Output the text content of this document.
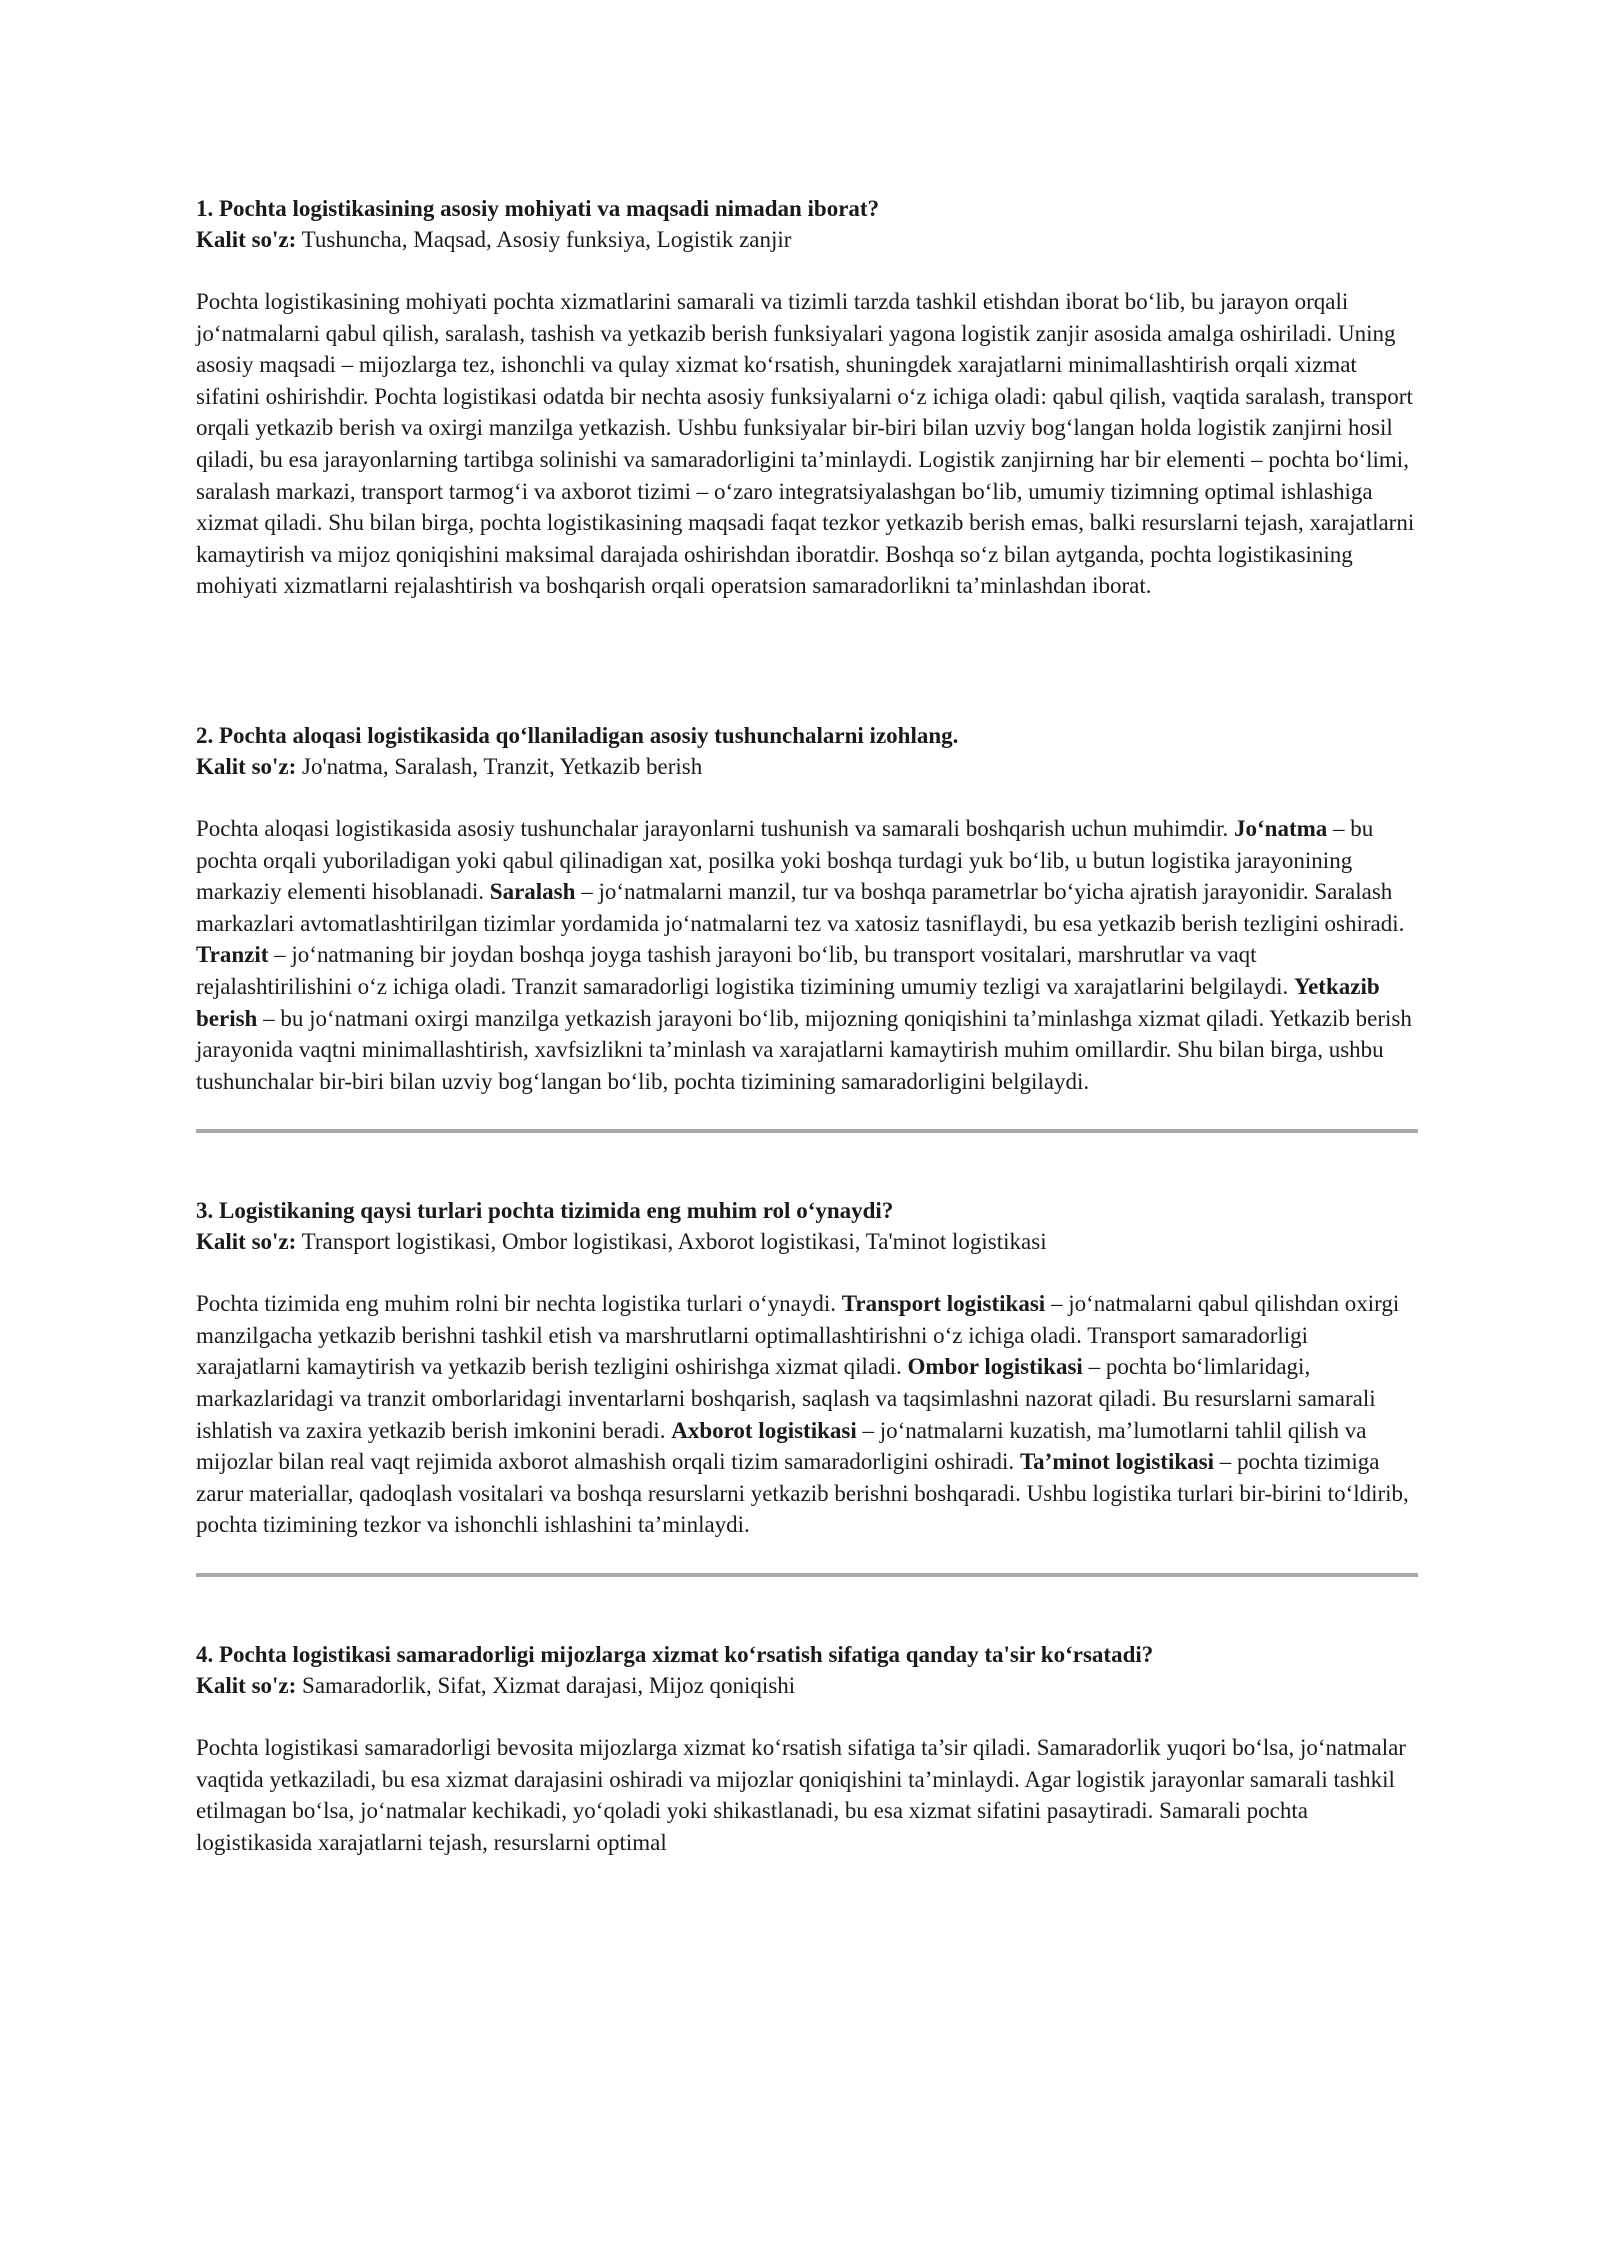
1. Pochta logistikasining asosiy mohiyati va maqsadi nimadan iborat?

Kalit so'z: Tushuncha, Maqsad, Asosiy funksiya, Logistik zanjir

Pochta logistikasining mohiyati pochta xizmatlarini samarali va tizimli tarzda tashkil etishdan iborat bo‘lib, bu jarayon orqali jo‘natmalarni qabul qilish, saralash, tashish va yetkazib berish funksiyalari yagona logistik zanjir asosida amalga oshiriladi. Uning asosiy maqsadi – mijozlarga tez, ishonchli va qulay xizmat ko‘rsatish, shuningdek xarajatlarni minimallashtirish orqali xizmat sifatini oshirishdir. Pochta logistikasi odatda bir nechta asosiy funksiyalarni o‘z ichiga oladi: qabul qilish, vaqtida saralash, transport orqali yetkazib berish va oxirgi manzilga yetkazish. Ushbu funksiyalar bir-biri bilan uzviy bog‘langan holda logistik zanjirni hosil qiladi, bu esa jarayonlarning tartibga solinishi va samaradorligini ta’minlaydi. Logistik zanjirning har bir elementi – pochta bo‘limi, saralash markazi, transport tarmog‘i va axborot tizimi – o‘zaro integratsiyalashgan bo‘lib, umumiy tizimning optimal ishlashiga xizmat qiladi. Shu bilan birga, pochta logistikasining maqsadi faqat tezkor yetkazib berish emas, balki resurslarni tejash, xarajatlarni kamaytirish va mijoz qoniqishini maksimal darajada oshirishdan iboratdir. Boshqa so‘z bilan aytganda, pochta logistikasining mohiyati xizmatlarni rejalashtirish va boshqarish orqali operatsion samaradorlikni ta’minlashdan iborat.

2. Pochta aloqasi logistikasida qo‘llaniladigan asosiy tushunchalarni izohlang.

Kalit so'z: Jo'natma, Saralash, Tranzit, Yetkazib berish

Pochta aloqasi logistikasida asosiy tushunchalar jarayonlarni tushunish va samarali boshqarish uchun muhimdir. Jo‘natma – bu pochta orqali yuboriladigan yoki qabul qilinadigan xat, posilka yoki boshqa turdagi yuk bo‘lib, u butun logistika jarayonining markaziy elementi hisoblanadi. Saralash – jo‘natmalarni manzil, tur va boshqa parametrlar bo‘yicha ajratish jarayonidir. Saralash markazlari avtomatlashtirilgan tizimlar yordamida jo‘natmalarni tez va xatosiz tasniflaydi, bu esa yetkazib berish tezligini oshiradi. Tranzit – jo‘natmaning bir joydan boshqa joyga tashish jarayoni bo‘lib, bu transport vositalari, marshrutlar va vaqt rejalashtirilishini o‘z ichiga oladi. Tranzit samaradorligi logistika tizimining umumiy tezligi va xarajatlarini belgilaydi. Yetkazib berish – bu jo‘natmani oxirgi manzilga yetkazish jarayoni bo‘lib, mijozning qoniqishini ta’minlashga xizmat qiladi. Yetkazib berish jarayonida vaqtni minimallashtirish, xavfsizlikni ta’minlash va xarajatlarni kamaytirish muhim omillardir. Shu bilan birga, ushbu tushunchalar bir-biri bilan uzviy bog‘langan bo‘lib, pochta tizimining samaradorligini belgilaydi.

3. Logistikaning qaysi turlari pochta tizimida eng muhim rol o‘ynaydi?

Kalit so'z: Transport logistikasi, Ombor logistikasi, Axborot logistikasi, Ta'minot logistikasi

Pochta tizimida eng muhim rolni bir nechta logistika turlari o‘ynaydi. Transport logistikasi – jo‘natmalarni qabul qilishdan oxirgi manzilgacha yetkazib berishni tashkil etish va marshrutlarni optimallashtirishni o‘z ichiga oladi. Transport samaradorligi xarajatlarni kamaytirish va yetkazib berish tezligini oshirishga xizmat qiladi. Ombor logistikasi – pochta bo‘limlaridagi, markazlaridagi va tranzit omborlaridagi inventarlarni boshqarish, saqlash va taqsimlashni nazorat qiladi. Bu resurslarni samarali ishlatish va zaxira yetkazib berish imkonini beradi. Axborot logistikasi – jo‘natmalarni kuzatish, ma’lumotlarni tahlil qilish va mijozlar bilan real vaqt rejimida axborot almashish orqali tizim samaradorligini oshiradi. Ta’minot logistikasi – pochta tizimiga zarur materiallar, qadoqlash vositalari va boshqa resurslarni yetkazib berishni boshqaradi. Ushbu logistika turlari bir-birini to‘ldirib, pochta tizimining tezkor va ishonchli ishlashini ta’minlaydi.

4. Pochta logistikasi samaradorligi mijozlarga xizmat ko‘rsatish sifatiga qanday ta'sir ko‘rsatadi?

Kalit so'z: Samaradorlik, Sifat, Xizmat darajasi, Mijoz qoniqishi

Pochta logistikasi samaradorligi bevosita mijozlarga xizmat ko‘rsatish sifatiga ta’sir qiladi. Samaradorlik yuqori bo‘lsa, jo‘natmalar vaqtida yetkaziladi, bu esa xizmat darajasini oshiradi va mijozlar qoniqishini ta’minlaydi. Agar logistik jarayonlar samarali tashkil etilmagan bo‘lsa, jo‘natmalar kechikadi, yo‘qoladi yoki shikastlanadi, bu esa xizmat sifatini pasaytiradi. Samarali pochta logistikasida xarajatlarni tejash, resurslarni optimal
